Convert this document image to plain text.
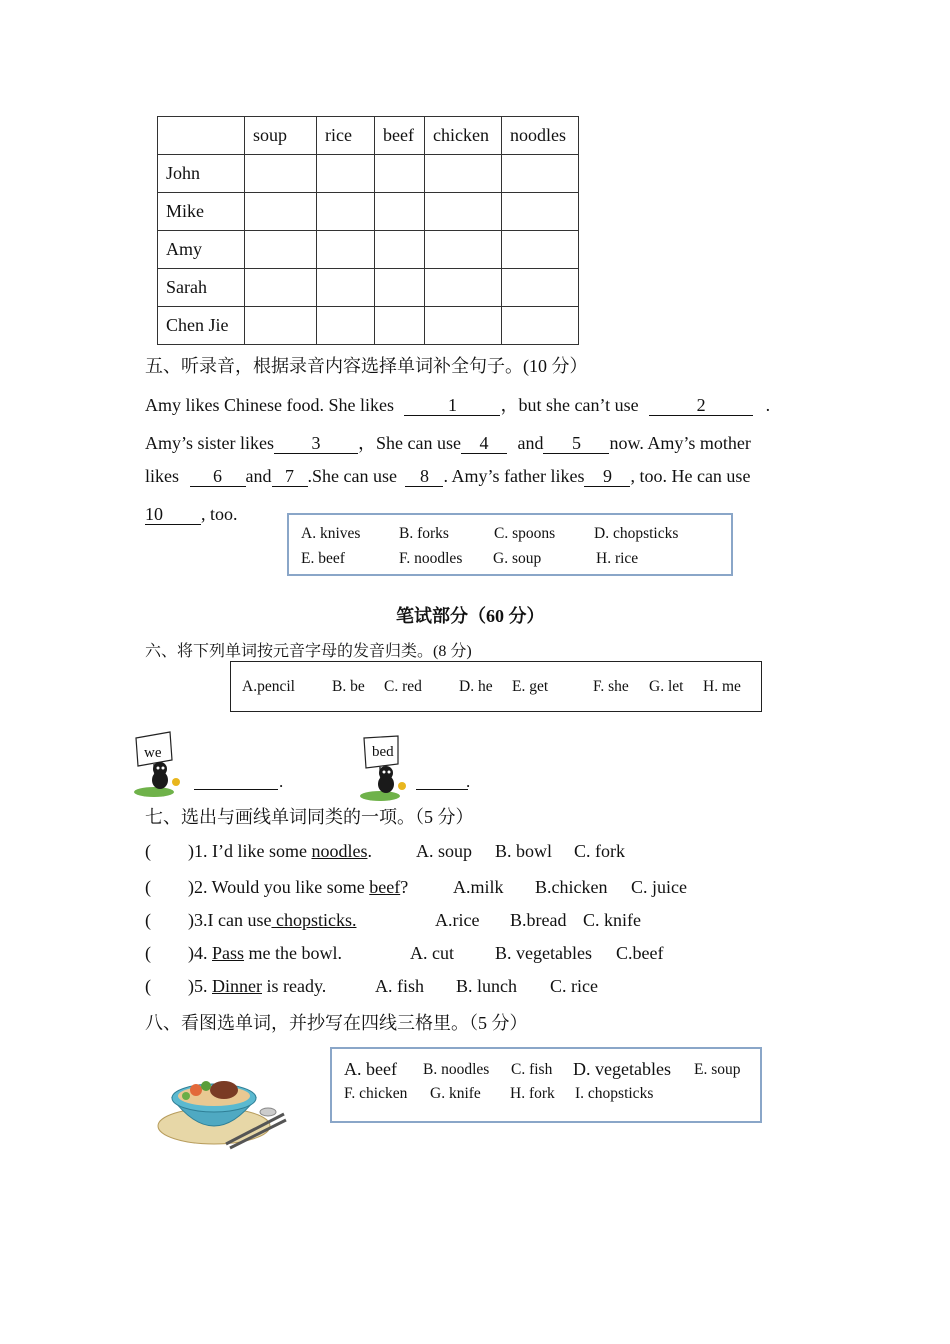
	soup	rice	beef	chicken	noodles
John					
Mike					
Amy					
Sarah					
Chen Jie					
五、听录音，根据录音内容选择单词补全句子。(10 分）
Amy likes Chinese food. She likes	1 ，but she can’t use	2	.
Amy’s sister likes 3 ，She can use 4 and 5 now. Amy’s mother
likes 6 and 7 .She can use 8 . Amy’s father likes 9 , too. He can use
10 , too.
A. knives B. forks	C. spoons	D. chopsticks
E. beef	F. noodles G. soup	H. rice
笔试部分（60 分）
六、将下列单词按元音字母的发音归类。(8 分)
A.pencil B. be C. red D. he E. get	F. she G. let H. me
we
.
bed
.
七、选出与画线单词同类的一项。（5 分）
( )1. I’d like some noodles. A. soup B. bowl C. fork
( )2. Would you like some beef? A.milk B.chicken C. juice
( )3.I can use chopsticks.	A.rice B.bread C. knife
( )4. Pass me the bowl.	A. cut B. vegetables C.beef
( )5. Dinner is ready.	A. fish B. lunch C. rice
八、看图选单词，并抄写在四线三格里。（5 分）
A. beef B. noodles C. fish D. vegetables E. soup
F. chicken G. knife H. fork I. chopsticks
